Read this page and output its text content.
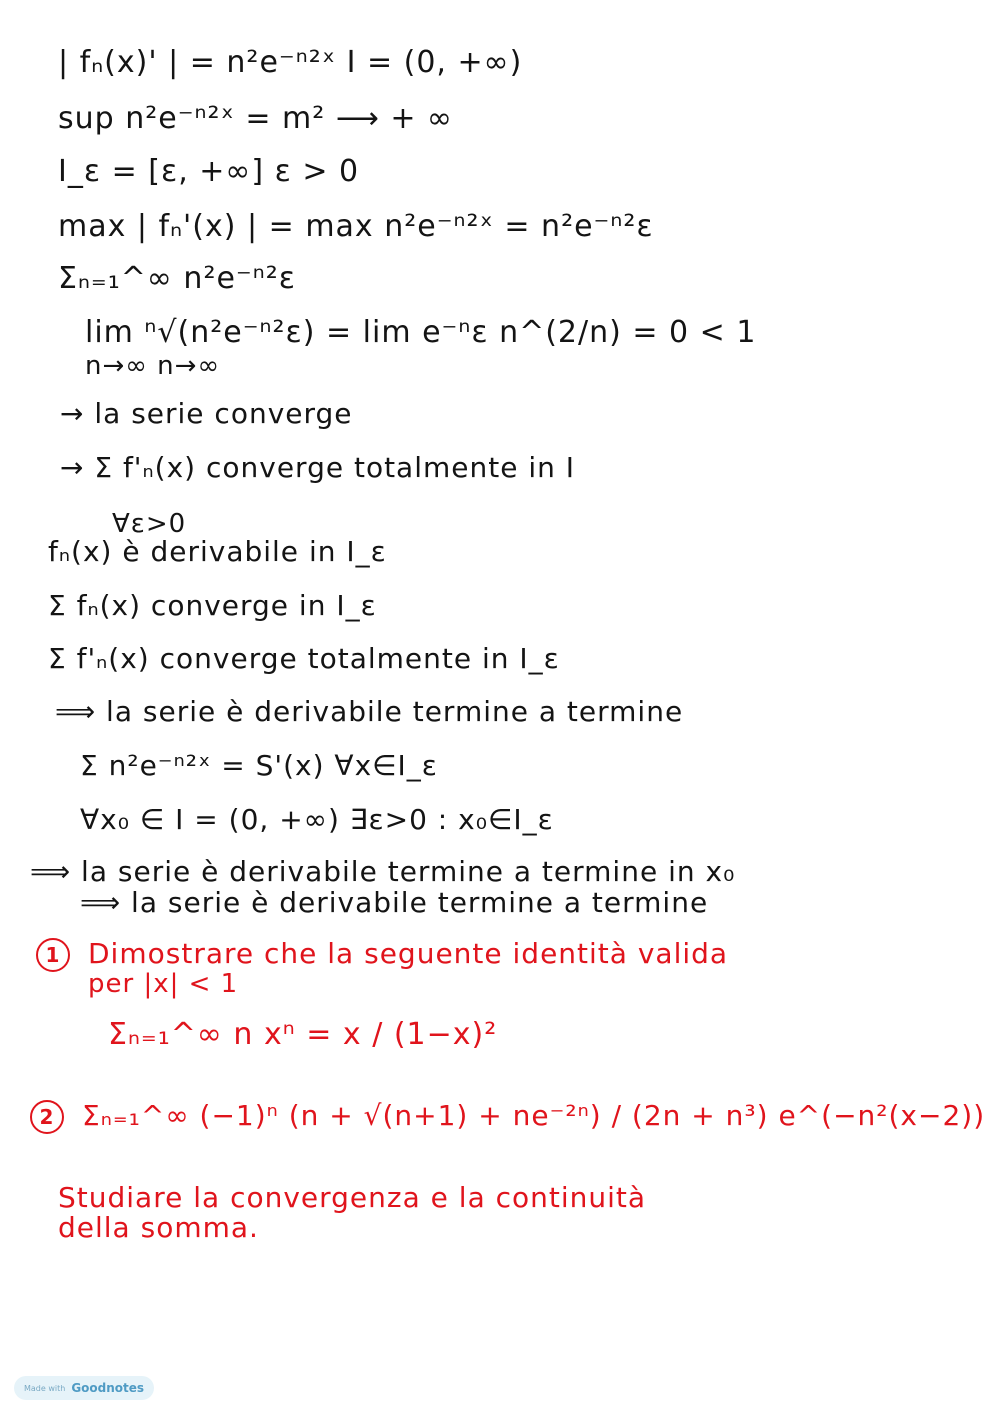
| fₙ(x)' | = n²e⁻ⁿ²ˣ I = (0, +∞)
sup n²e⁻ⁿ²ˣ = m² ⟶ + ∞
I_ε = [ε, +∞] ε > 0
max | fₙ'(x) | = max n²e⁻ⁿ²ˣ = n²e⁻ⁿ²ε
Σₙ₌₁^∞ n²e⁻ⁿ²ε
lim ⁿ√(n²e⁻ⁿ²ε) = lim e⁻ⁿε n^(2/n) = 0 < 1
n→∞ n→∞
→ la serie converge
→ Σ f'ₙ(x) converge totalmente in I
∀ε>0
fₙ(x) è derivabile in I_ε
Σ fₙ(x) converge in I_ε
Σ f'ₙ(x) converge totalmente in I_ε
⟹ la serie è derivabile termine a termine
Σ n²e⁻ⁿ²ˣ = S'(x) ∀x∈I_ε
∀x₀ ∈ I = (0, +∞) ∃ε>0 : x₀∈I_ε
⟹ la serie è derivabile termine a termine in x₀
⟹ la serie è derivabile termine a termine
1 Dimostrare che la seguente identità valida
per |x| < 1
Σₙ₌₁^∞ n xⁿ = x / (1−x)²
2 Σₙ₌₁^∞ (−1)ⁿ (n + √(n+1) + ne⁻²ⁿ) / (2n + n³) e^(−n²(x−2))
Studiare la convergenza e la continuità
della somma.
Made with Goodnotes
